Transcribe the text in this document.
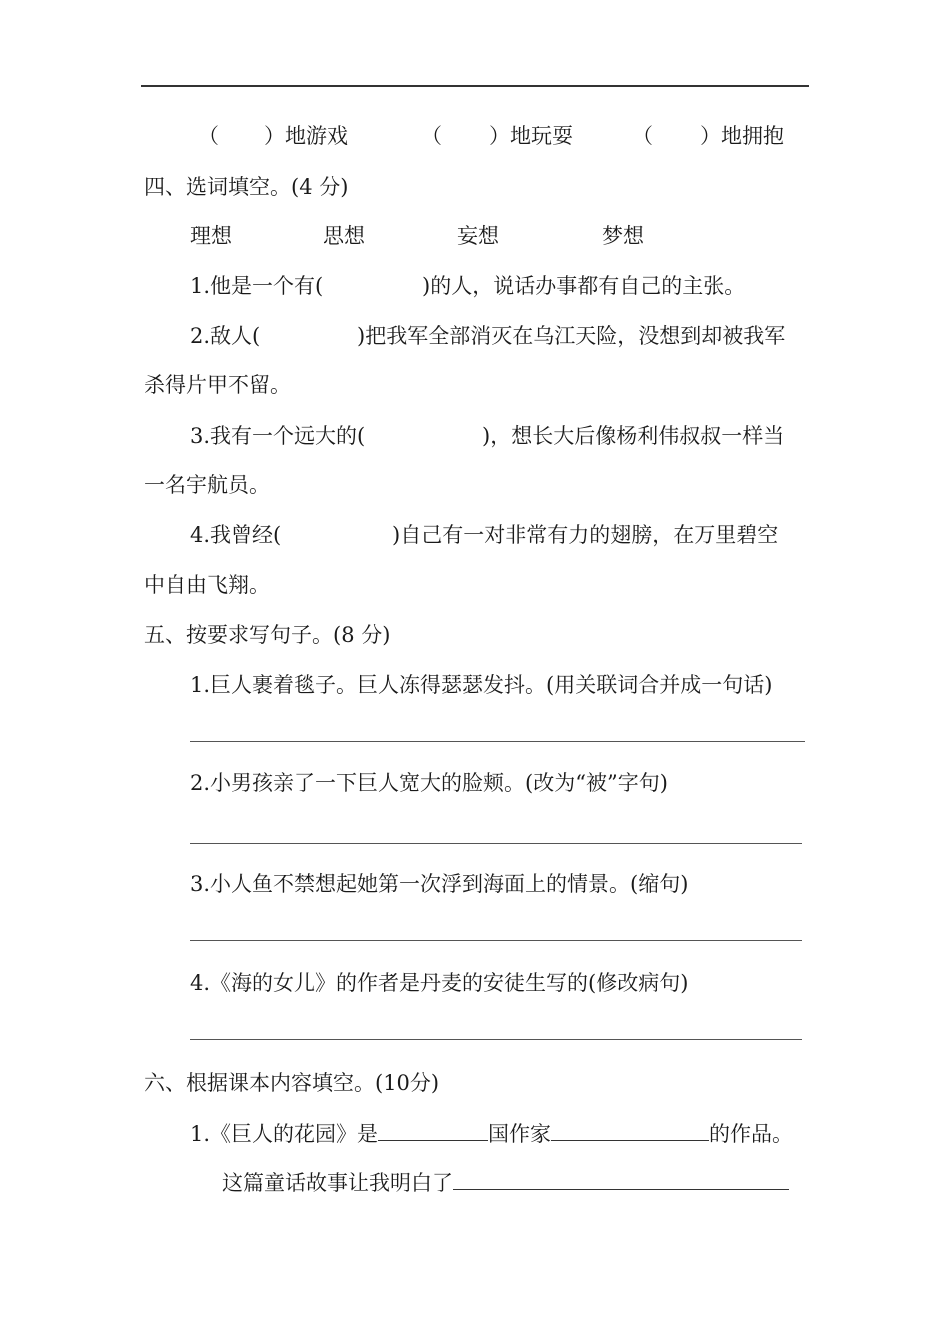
（ ）地游戏	（ ）地玩耍	（ ）地拥抱
四、选词填空。(4 分)
理想	思想	妄想	梦想
1.他是一个有(	)的人，说话办事都有自己的主张。
2.敌人(	)把我军全部消灭在乌江天险，没想到却被我军
杀得片甲不留。
3.我有一个远大的(	)，想长大后像杨利伟叔叔一样当
一名宇航员。
4.我曾经(	)自己有一对非常有力的翅膀，在万里碧空
中自由飞翔。
五、按要求写句子。(8 分)
1.巨人裹着毯子。巨人冻得瑟瑟发抖。(用关联词合并成一句话)
2.小男孩亲了一下巨人宽大的脸颊。(改为“被”字句)
3.小人鱼不禁想起她第一次浮到海面上的情景。(缩句)
4.《海的女儿》的作者是丹麦的安徒生写的(修改病句)
六、根据课本内容填空。(10分)
1.《巨人的花园》是	国作家	的作品。
这篇童话故事让我明白了
